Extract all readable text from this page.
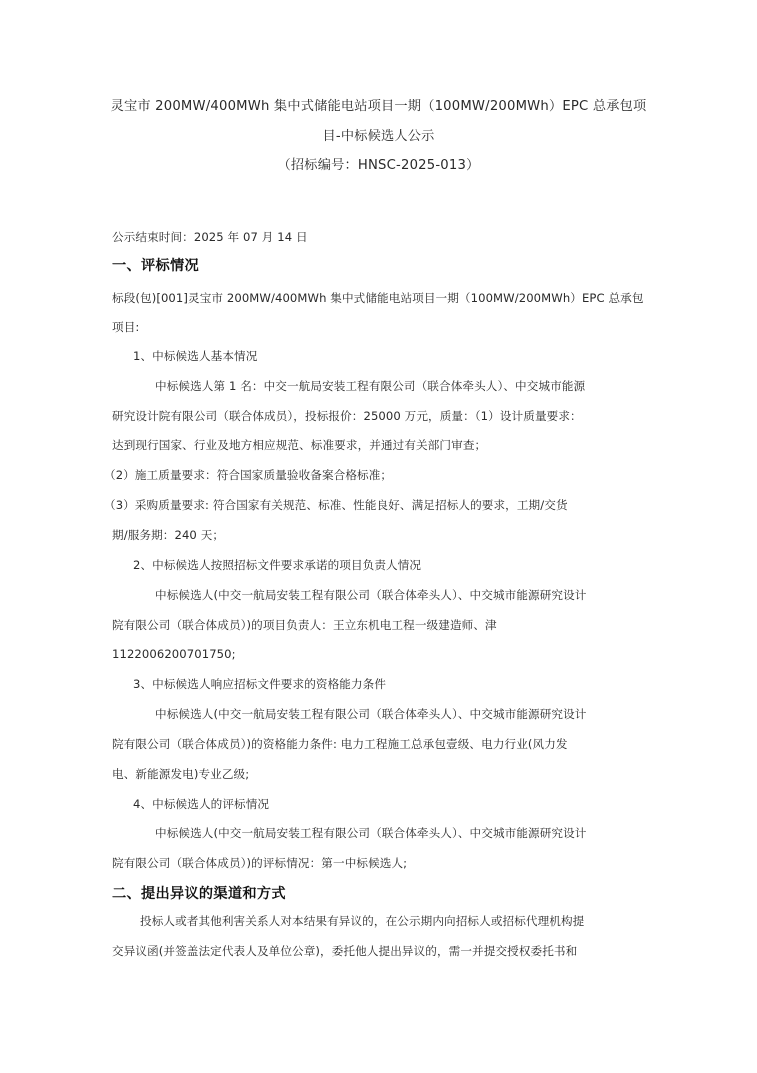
灵宝市 200MW/400MWh 集中式储能电站项目一期（100MW/200MWh）EPC 总承包项
目-中标候选人公示
（招标编号：HNSC-2025-013）
公示结束时间：2025 年 07 月 14 日
一、评标情况
标段(包)[001]灵宝市 200MW/400MWh 集中式储能电站项目一期（100MW/200MWh）EPC 总承包
项目:
1、中标候选人基本情况
中标候选人第 1 名：中交一航局安装工程有限公司（联合体牵头人）、中交城市能源
研究设计院有限公司（联合体成员），投标报价：25000 万元，质量：（1）设计质量要求：
达到现行国家、行业及地方相应规范、标准要求，并通过有关部门审查；
（2）施工质量要求：符合国家质量验收备案合格标准；
（3）采购质量要求: 符合国家有关规范、标准、性能良好、满足招标人的要求，工期/交货
期/服务期：240 天；
2、中标候选人按照招标文件要求承诺的项目负责人情况
中标候选人(中交一航局安装工程有限公司（联合体牵头人）、中交城市能源研究设计
院有限公司（联合体成员）)的项目负责人：王立东机电工程一级建造师、津
1122006200701750;
3、中标候选人响应招标文件要求的资格能力条件
中标候选人(中交一航局安装工程有限公司（联合体牵头人）、中交城市能源研究设计
院有限公司（联合体成员）)的资格能力条件: 电力工程施工总承包壹级、电力行业(风力发
电、新能源发电)专业乙级;
4、中标候选人的评标情况
中标候选人(中交一航局安装工程有限公司（联合体牵头人）、中交城市能源研究设计
院有限公司（联合体成员）)的评标情况：第一中标候选人;
二、提出异议的渠道和方式
投标人或者其他利害关系人对本结果有异议的，在公示期内向招标人或招标代理机构提
交异议函(并签盖法定代表人及单位公章)，委托他人提出异议的，需一并提交授权委托书和
